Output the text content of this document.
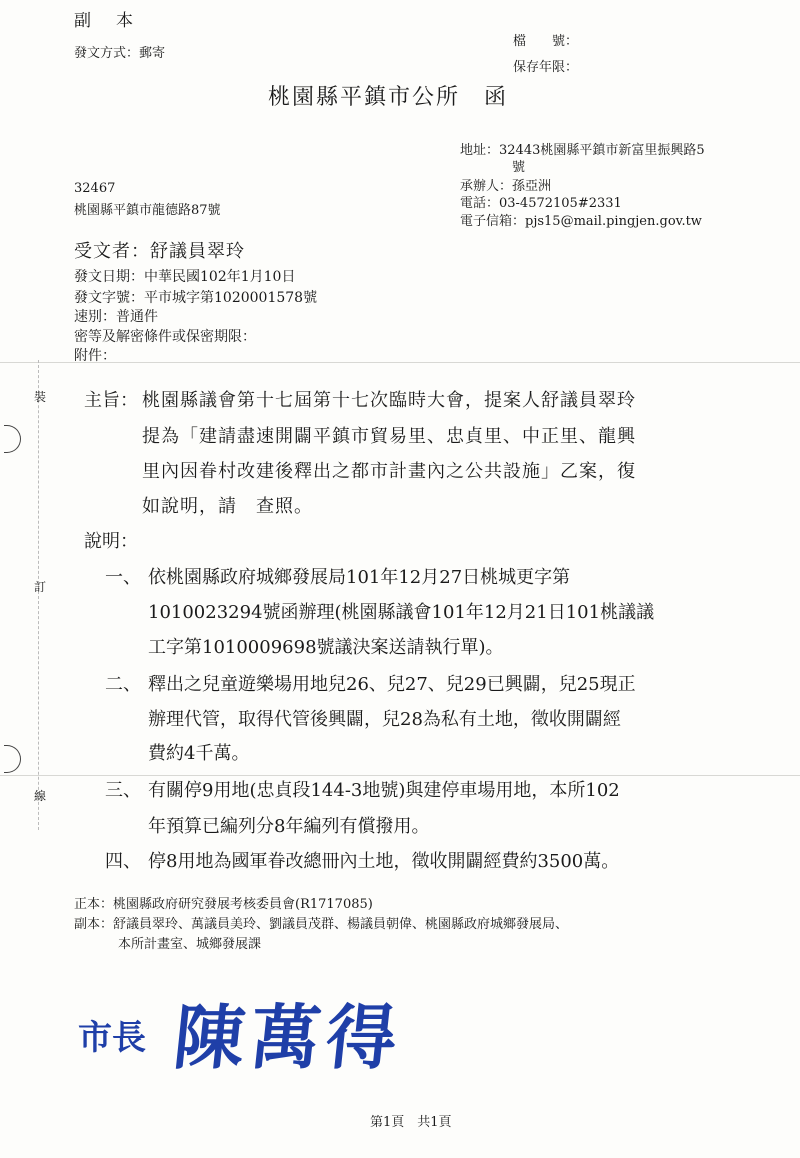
裝
訂
線
副　本
發文方式：郵寄
檔　　號：
保存年限：
桃園縣平鎮市公所　函
地址：32443桃園縣平鎮市新富里振興路5
號
承辦人：孫亞洲
電話：03-4572105#2331
電子信箱：pjs15@mail.pingjen.gov.tw
32467
桃園縣平鎮市龍德路87號
受文者：舒議員翠玲
發文日期：中華民國102年1月10日
發文字號：平市城字第1020001578號
速別：普通件
密等及解密條件或保密期限：
附件：
主旨： 桃園縣議會第十七屆第十七次臨時大會，提案人舒議員翠玲
提為「建請盡速開闢平鎮市貿易里、忠貞里、中正里、龍興
里內因眷村改建後釋出之都市計畫內之公共設施」乙案，復
如說明，請　查照。
說明：
一、 依桃園縣政府城鄉發展局101年12月27日桃城更字第
1010023294號函辦理(桃園縣議會101年12月21日101桃議議
工字第1010009698號議決案送請執行單)。
二、 釋出之兒童遊樂場用地兒26、兒27、兒29已興闢，兒25現正
辦理代管，取得代管後興闢，兒28為私有土地，徵收開闢經
費約4千萬。
三、 有關停9用地(忠貞段144-3地號)與建停車場用地，本所102
年預算已編列分8年編列有償撥用。
四、 停8用地為國軍眷改總冊內土地，徵收開闢經費約3500萬。
正本：桃園縣政府研究發展考核委員會(R1717085)
副本：舒議員翠玲、萬議員美玲、劉議員茂群、楊議員朝偉、桃園縣政府城鄉發展局、
本所計畫室、城鄉發展課
市長 陳萬得
第1頁　共1頁
